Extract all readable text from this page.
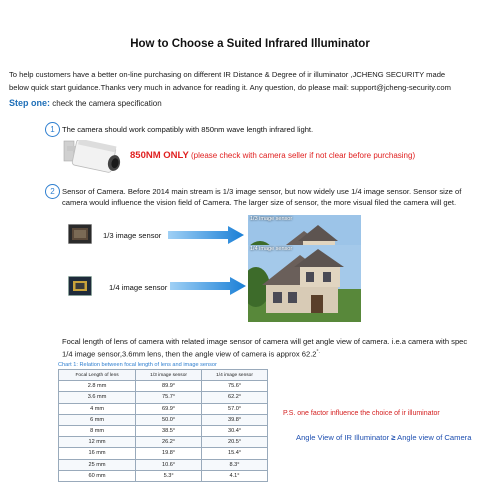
How to Choose a Suited Infrared Illuminator
To help customers have a better on-line purchasing on different IR Distance & Degree of ir illuminator ,JCHENG SECURITY made
below quick start guidance.Thanks very much in advance for reading it. Any question, do please mail: support@jcheng-security.com
Step one: check the camera specification
1 The camera should work compatibly with 850nm wave length infrared light.
850NM ONLY (please check with camera seller if not clear before purchasing)
2 Sensor of Camera. Before 2014 main stream is 1/3 image sensor, but now widely use 1/4 image sensor. Sensor size of
camera would influence the vision field of Camera. The larger size of sensor, the more visual filed the camera will get.
1/3 image sensor
1/3 image sensor
1/4 image sensor
1/4 image sensor
Focal length of lens of camera with related image sensor of camera will get angle view of camera. i.e.a camera with spec
1/4 image sensor,3.6mm lens, then the angle view of camera is approx 62.2°.
Chart 1: Relation between focal length of lens and image sensor
Focal Length of lens	1/3 image sensor	1/4 image sensor
2.8 mm	89.9°	75.6°
3.6 mm	75.7°	62.2°
4 mm	69.9°	57.0°
6 mm	50.0°	39.8°
8 mm	38.5°	30.4°
12 mm	26.2°	20.5°
16 mm	19.8°	15.4°
25 mm	10.6°	8.3°
60 mm	5.3°	4.1°
P.S. one factor influence the choice of ir illuminator
Angle View of IR Illuminator ≥ Angle view of Camera
